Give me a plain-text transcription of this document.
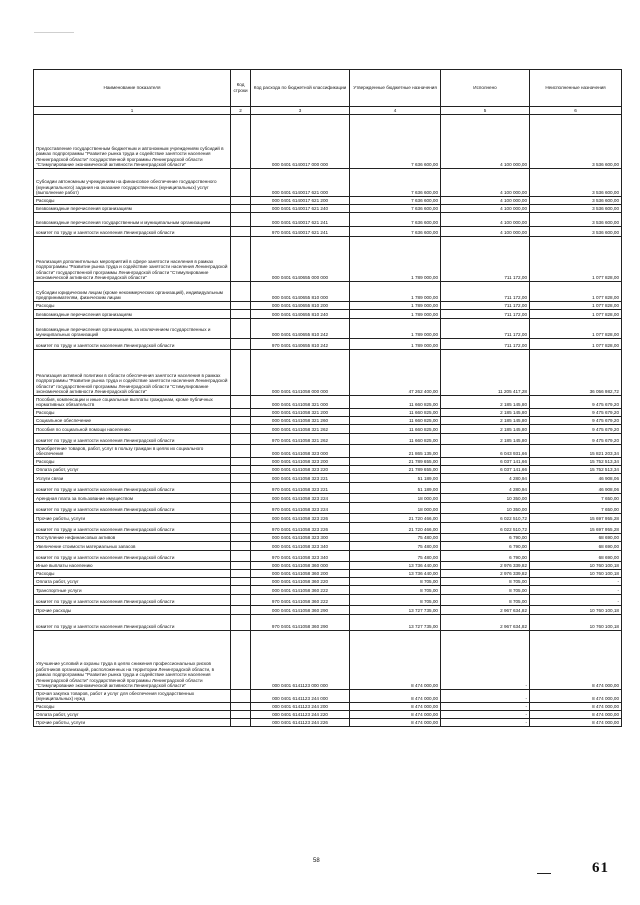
Наименование показателя	Код строки	Код расхода по бюджетной классификации	Утвержденные бюджетные назначения	Исполнено	Неисполненные назначения
1	2	3	4	5	6
Предоставление государственным бюджетным и автономным учреждениям субсидий в рамках подпрограммы "Развитие рынка труда и содействие занятости населения Ленинградской области" государственной программы Ленинградской области "Стимулирование экономической активности Ленинградской области"		000 0401 6140017 000 000	7 636 600,00	4 100 000,00	3 536 600,00
Субсидии автономным учреждениям на финансовое обеспечение государственного (муниципального) задания на оказание государственных (муниципальных) услуг (выполнение работ)		000 0401 6140017 621 000	7 636 600,00	4 100 000,00	3 536 600,00
Расходы		000 0401 6140017 621 200	7 636 600,00	4 100 000,00	3 536 600,00
Безвозмездные перечисления организациям		000 0401 6140017 621 240	7 636 600,00	4 100 000,00	3 536 600,00
Безвозмездные перечисления государственным и муниципальным организациям		000 0401 6140017 621 241	7 636 600,00	4 100 000,00	3 536 600,00
комитет по труду и занятости населения Ленинградской области		970 0401 6140017 621 241	7 636 600,00	4 100 000,00	3 536 600,00
Реализация дополнительных мероприятий в сфере занятости населения в рамках подпрограммы "Развитие рынка труда и содействие занятости населения Ленинградской области" государственной программы Ленинградской области "Стимулирование экономической активности Ленинградской области"		000 0401 6140655 000 000	1 789 000,00	711 172,00	1 077 828,00
Субсидии юридическим лицам (кроме некоммерческих организаций), индивидуальным предпринимателям, физическим лицам		000 0401 6140655 810 000	1 789 000,00	711 172,00	1 077 828,00
Расходы		000 0401 6140655 810 200	1 789 000,00	711 172,00	1 077 828,00
Безвозмездные перечисления организациям		000 0401 6140655 810 240	1 789 000,00	711 172,00	1 077 828,00
Безвозмездные перечисления организациям, за исключением государственных и муниципальных организаций		000 0401 6140655 810 242	1 789 000,00	711 172,00	1 077 828,00
комитет по труду и занятости населения Ленинградской области		970 0401 6140655 810 242	1 789 000,00	711 172,00	1 077 828,00
Реализация активной политики в области обеспечения занятости населения в рамках подпрограммы "Развитие рынка труда и содействие занятости населения Ленинградской области" государственной программы Ленинградской области "Стимулирование экономической активности Ленинградской области"		000 0401 6141058 000 000	47 262 400,00	11 205 417,28	36 056 982,72
Пособия, компенсации и иные социальные выплаты гражданам, кроме публичных нормативных обязательств		000 0401 6141058 321 000	11 660 825,00	2 185 145,80	9 475 679,20
Расходы		000 0401 6141058 321 200	11 660 825,00	2 185 145,80	9 475 679,20
Социальное обеспечение		000 0401 6141058 321 260	11 660 825,00	2 185 145,80	9 475 679,20
Пособия по социальной помощи населению		000 0401 6141058 321 262	11 660 825,00	2 185 145,80	9 475 679,20
комитет по труду и занятости населения Ленинградской области		970 0401 6141058 321 262	11 660 825,00	2 185 145,80	9 475 679,20
Приобретение товаров, работ, услуг в пользу граждан в целях их социального обеспечения		000 0401 6141058 323 000	21 865 135,00	6 043 931,66	15 821 203,34
Расходы		000 0401 6141058 323 200	21 789 655,00	6 037 141,66	15 752 513,34
Оплата работ, услуг		000 0401 6141058 323 220	21 789 655,00	6 037 141,66	15 752 513,34
Услуги связи		000 0401 6141058 323 221	51 189,00	4 280,94	46 908,06
комитет по труду и занятости населения Ленинградской области		970 0401 6141058 323 221	51 189,00	4 280,94	46 908,06
Арендная плата за пользование имуществом		000 0401 6141058 323 224	18 000,00	10 350,00	7 650,00
комитет по труду и занятости населения Ленинградской области		970 0401 6141058 323 224	18 000,00	10 350,00	7 650,00
Прочие работы, услуги		000 0401 6141058 323 226	21 720 466,00	6 022 510,72	15 697 955,28
комитет по труду и занятости населения Ленинградской области		970 0401 6141058 323 226	21 720 466,00	6 022 510,72	15 697 955,28
Поступление нефинансовых активов		000 0401 6141058 323 300	75 480,00	6 790,00	68 690,00
Увеличение стоимости материальных запасов		000 0401 6141058 323 340	75 480,00	6 790,00	68 690,00
комитет по труду и занятости населения Ленинградской области		970 0401 6141058 323 340	75 480,00	6 790,00	68 690,00
Иные выплаты населению		000 0401 6141058 360 000	13 736 440,00	2 976 339,82	10 760 100,18
Расходы		000 0401 6141058 360 200	13 736 440,00	2 976 339,82	10 760 100,18
Оплата работ, услуг		000 0401 6141058 360 220	8 705,00	8 705,00	-
Транспортные услуги		000 0401 6141058 360 222	8 705,00	8 705,00	-
комитет по труду и занятости населения Ленинградской области		970 0401 6141058 360 222	8 705,00	8 705,00	-
Прочие расходы		000 0401 6141058 360 290	13 727 735,00	2 967 634,82	10 760 100,18
комитет по труду и занятости населения Ленинградской области		970 0401 6141058 360 290	13 727 735,00	2 967 634,82	10 760 100,18
Улучшение условий и охраны труда в целях снижения профессиональных рисков работников организаций, расположенных на территории Ленинградской области, в рамках подпрограммы "Развитие рынка труда и содействие занятости населения Ленинградской области" государственной программы Ленинградской области "Стимулирование экономической активности Ленинградской области"		000 0401 6141123 000 000	8 474 000,00	-	8 474 000,00
Прочая закупка товаров, работ и услуг для обеспечения государственных (муниципальных) нужд		000 0401 6141123 244 000	8 474 000,00	-	8 474 000,00
Расходы		000 0401 6141123 244 200	8 474 000,00	-	8 474 000,00
Оплата работ, услуг		000 0401 6141123 244 220	8 474 000,00	-	8 474 000,00
Прочие работы, услуги		000 0401 6141123 244 226	8 474 000,00	-	8 474 000,00
58	61
